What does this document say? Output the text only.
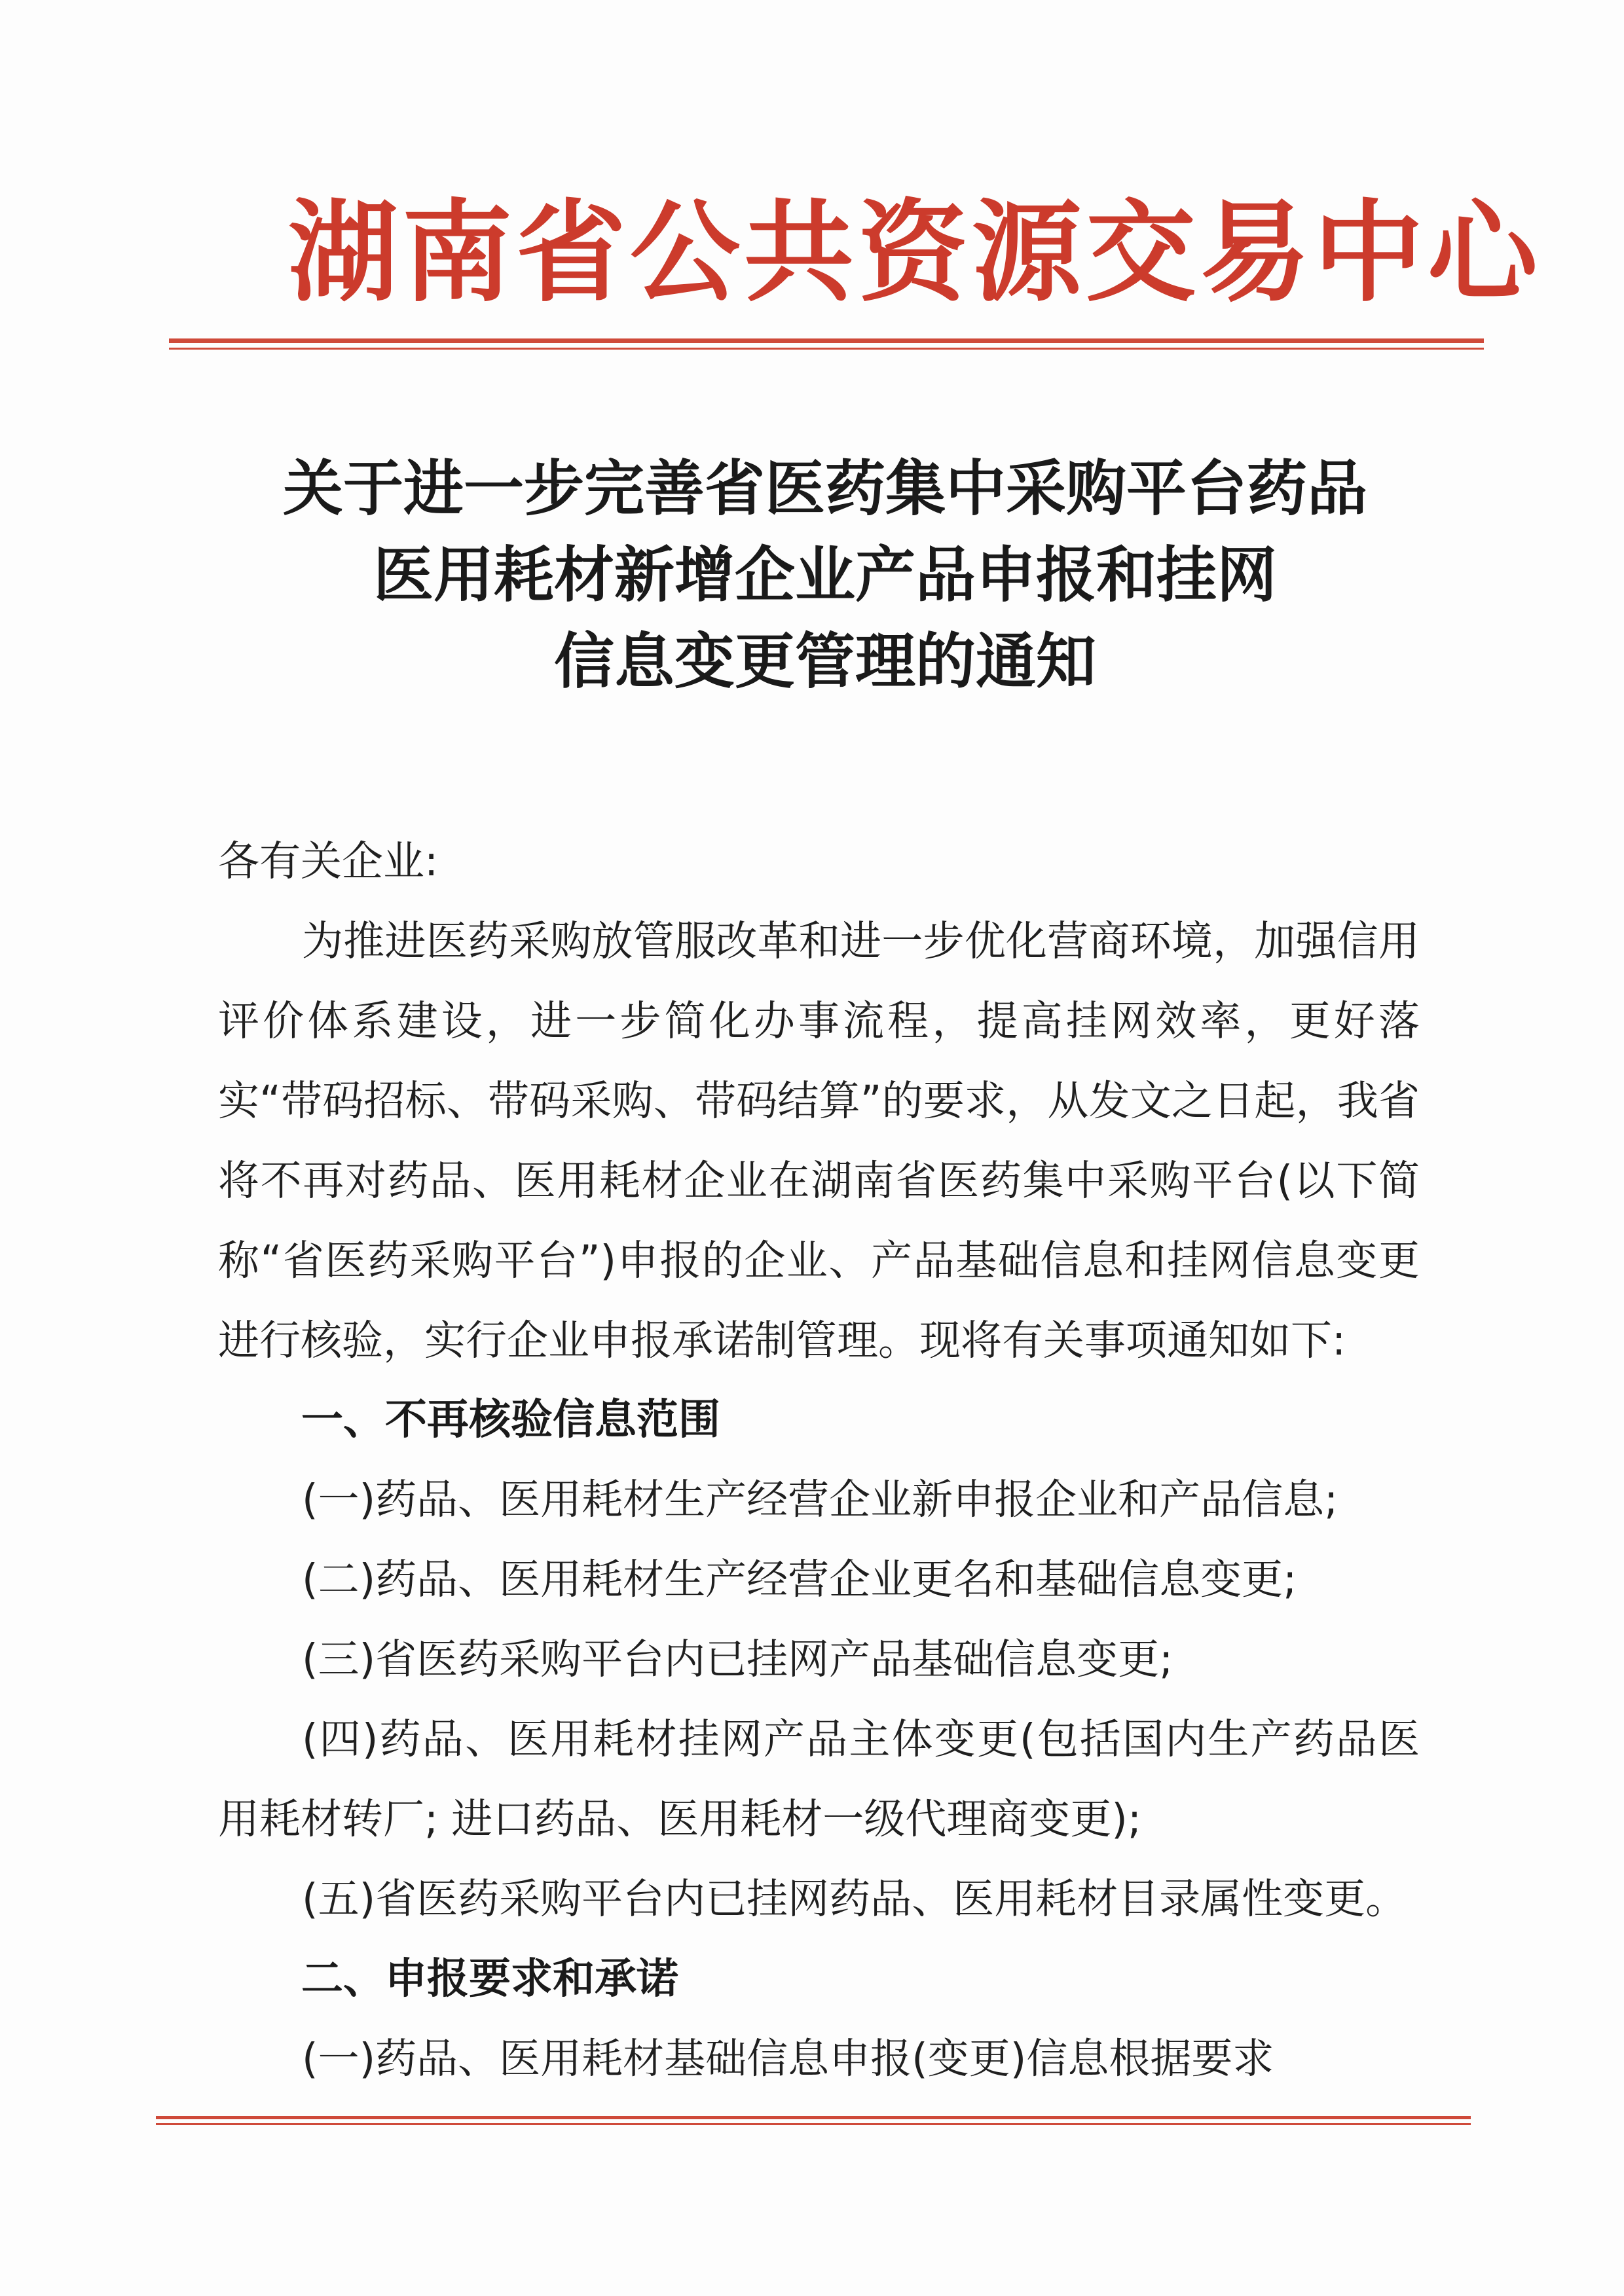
湖南省公共资源交易中心
关于进一步完善省医药集中采购平台药品
医用耗材新增企业产品申报和挂网
信息变更管理的通知
各有关企业:
为推进医药采购放管服改革和进一步优化营商环境，加强信用评价体系建设，进一步简化办事流程，提高挂网效率，更好落实“带码招标、带码采购、带码结算”的要求，从发文之日起，我省将不再对药品、医用耗材企业在湖南省医药集中采购平台(以下简称“省医药采购平台”)申报的企业、产品基础信息和挂网信息变更进行核验，实行企业申报承诺制管理。现将有关事项通知如下:
一、不再核验信息范围
(一)药品、医用耗材生产经营企业新申报企业和产品信息;
(二)药品、医用耗材生产经营企业更名和基础信息变更;
(三)省医药采购平台内已挂网产品基础信息变更;
(四)药品、医用耗材挂网产品主体变更(包括国内生产药品医用耗材转厂; 进口药品、医用耗材一级代理商变更);
(五)省医药采购平台内已挂网药品、医用耗材目录属性变更。
二、申报要求和承诺
(一)药品、医用耗材基础信息申报(变更)信息根据要求
